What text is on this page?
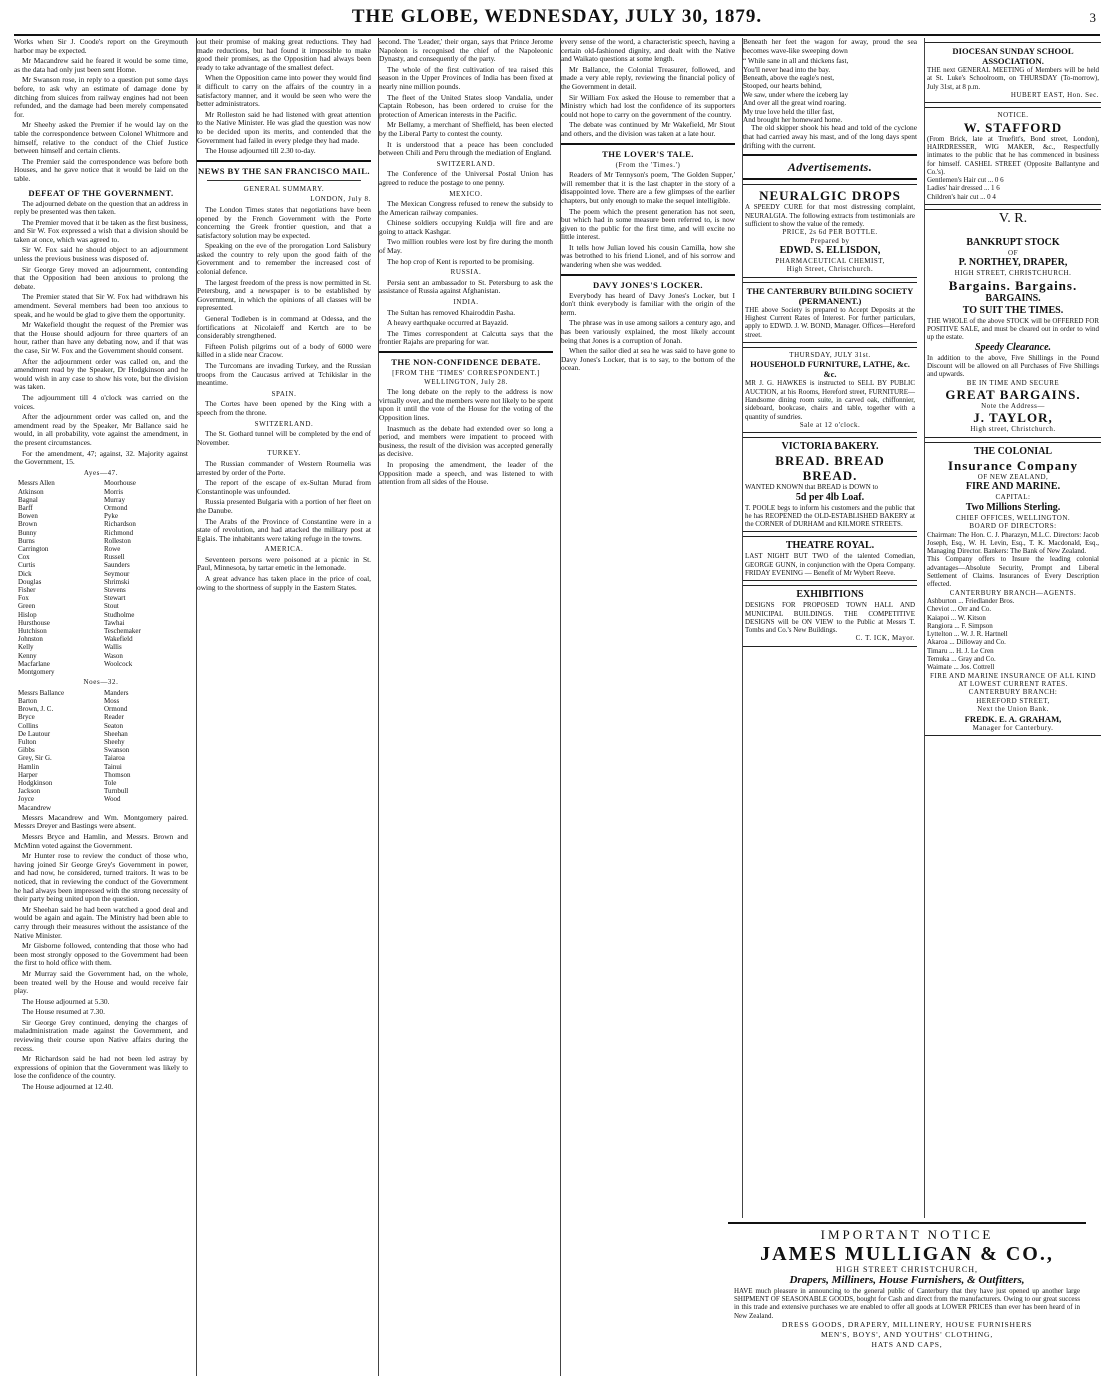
THE GLOBE, WEDNESDAY, JULY 30, 1879.	3

Works when Sir J. Coode's report on the Greymouth harbor may be expected.

Mr Macandrew said he feared it would be some time, as the data had only just been sent Home.

Mr Swanson rose, in reply to a question put some days before, to ask why an estimate of damage done by ditching from sluices from railway engines had not been refunded, and the damage had been merely compensated for.

Mr Sheehy asked the Premier if he would lay on the table the correspondence between Colonel Whitmore and himself, relative to the conduct of the Chief Justice between himself and certain clients.

The Premier said the correspondence was before both Houses, and he gave notice that it would be laid on the table.

DEFEAT OF THE GOVERNMENT.

The adjourned debate on the question that an address in reply be presented was then taken.

The Premier moved that it be taken as the first business, and Sir W. Fox expressed a wish that a division should be taken at once, which was agreed to.

Sir W. Fox said he should object to an adjournment unless the previous business was disposed of.

Sir George Grey moved an adjournment, contending that the Opposition had been anxious to prolong the debate.

The Premier stated that Sir W. Fox had withdrawn his amendment. Several members had been too anxious to speak, and he would be glad to give them the opportunity.

Mr Wakefield thought the request of the Premier was that the House should adjourn for three quarters of an hour, rather than have any debating now, and if that was the case, Sir W. Fox and the Government should consent.

After the adjournment order was called on, and the amendment read by the Speaker, Dr Hodgkinson and he would wish in any case to show his vote, but the division was taken.

The adjournment till 4 o'clock was carried on the voices.

After the adjournment order was called on, and the amendment read by the Speaker, Mr Ballance said he would, in all probability, vote against the amendment, in the present circumstances.

For the amendment, 47; against, 32. Majority against the Government, 15.

Ayes—47.
Messrs Allen
Atkinson
Bagnal
Barff
Bowen
Brown
Bunny
Burns
Carrington
Cox
Curtis
Dick
Douglas
Fisher
Fox
Green
Hislop
Hursthouse
Hutchison
Johnston
Kelly
Kenny
Macfarlane
Montgomery
Moorhouse
Morris
Murray
Ormond
Pyke
Richardson
Richmond
Rolleston
Rowe
Russell
Saunders
Seymour
Shrimski
Stevens
Stewart
Stout
Studholme
Tawhai
Teschemaker
Wakefield
Wallis
Wason
Woolcock
Noes—32.
Messrs Ballance
Barton
Brown, J. C.
Bryce
Collins
De Lautour
Fulton
Gibbs
Grey, Sir G.
Hamlin
Harper
Hodgkinson
Jackson
Joyce
Macandrew
Manders
Moss
Ormond
Reader
Seaton
Sheehan
Sheehy
Swanson
Taiaroa
Tainui
Thomson
Tole
Turnbull
Wood

Messrs Macandrew and Wm. Montgomery paired. Messrs Dreyer and Bastings were absent.

Messrs Bryce and Hamlin, and Messrs. Brown and McMinn voted against the Government.

Mr Hunter rose to review the conduct of those who, having joined Sir George Grey's Government in power, and had now, he considered, turned traitors. It was to be noticed, that in reviewing the conduct of the Government he had always been impressed with the strong necessity of their party being united upon the question.

Mr Sheehan said he had been watched a good deal and would be again and again. The Ministry had been able to carry through their measures without the assistance of the Native Minister.

Mr Gisborne followed, contending that those who had been most strongly opposed to the Government had been the first to hold office with them.

Mr Murray said the Government had, on the whole, been treated well by the House and would receive fair play.

The House adjourned at 5.30.

The House resumed at 7.30.

Sir George Grey continued, denying the charges of maladministration made against the Government, and reviewing their course upon Native affairs during the recess.

Mr Richardson said he had not been led astray by expressions of opinion that the Government was likely to lose the confidence of the country.

The House adjourned at 12.40.

out their promise of making great reductions. They had made reductions, but had found it impossible to make good their promises, as the Opposition had always been ready to take advantage of the smallest defect.

When the Opposition came into power they would find it difficult to carry on the affairs of the country in a satisfactory manner, and it would be seen who were the better administrators.

Mr Rolleston said he had listened with great attention to the Native Minister. He was glad the question was now to be decided upon its merits, and contended that the Government had failed in every pledge they had made.

The House adjourned till 2.30 to-day.

NEWS BY THE SAN FRANCISCO MAIL.
GENERAL SUMMARY.
LONDON, July 8.

The London Times states that negotiations have been opened by the French Government with the Porte concerning the Greek frontier question, and that a satisfactory solution may be expected.

Speaking on the eve of the prorogation Lord Salisbury asked the country to rely upon the good faith of the Government and to remember the increased cost of colonial defence.

The largest freedom of the press is now permitted in St. Petersburg, and a newspaper is to be established by Government, in which the opinions of all classes will be represented.

General Todleben is in command at Odessa, and the fortifications at Nicolaieff and Kertch are to be considerably strengthened.

Fifteen Polish pilgrims out of a body of 6000 were killed in a slide near Cracow.

The Turcomans are invading Turkey, and the Russian troops from the Caucasus arrived at Tchikislar in the meantime.

SPAIN.

The Cortes have been opened by the King with a speech from the throne.

SWITZERLAND.

The St. Gothard tunnel will be completed by the end of November.

TURKEY.

The Russian commander of Western Roumelia was arrested by order of the Porte.

The report of the escape of ex-Sultan Murad from Constantinople was unfounded.

Russia presented Bulgaria with a portion of her fleet on the Danube.

The Arabs of the Province of Constantine were in a state of revolution, and had attacked the military post at Eglais. The inhabitants were taking refuge in the towns.

AMERICA.

Seventeen persons were poisoned at a picnic in St. Paul, Minnesota, by tartar emetic in the lemonade.

A great advance has taken place in the price of coal, owing to the shortness of supply in the Eastern States.

second. The 'Leader,' their organ, says that Prince Jerome Napoleon is recognised the chief of the Napoleonic Dynasty, and consequently of the party.

The whole of the first cultivation of tea raised this season in the Upper Provinces of India has been fixed at nearly nine million pounds.

The fleet of the United States sloop Vandalia, under Captain Robeson, has been ordered to cruise for the protection of American interests in the Pacific.

Mr Bellamy, a merchant of Sheffield, has been elected by the Liberal Party to contest the county.

It is understood that a peace has been concluded between Chili and Peru through the mediation of England.

SWITZERLAND.

The Conference of the Universal Postal Union has agreed to reduce the postage to one penny.

MEXICO.

The Mexican Congress refused to renew the subsidy to the American railway companies.

Chinese soldiers occupying Kuldja will fire and are going to attack Kashgar.

Two million roubles were lost by fire during the month of May.

The hop crop of Kent is reported to be promising.

RUSSIA.

Persia sent an ambassador to St. Petersburg to ask the assistance of Russia against Afghanistan.

INDIA.

The Sultan has removed Khairoddin Pasha.

A heavy earthquake occurred at Bayazid.

The Times correspondent at Calcutta says that the frontier Rajahs are preparing for war.

THE NON-CONFIDENCE DEBATE.
[FROM THE 'TIMES' CORRESPONDENT.] WELLINGTON, July 28.

The long debate on the reply to the address is now virtually over, and the members were not likely to be spent upon it until the vote of the House for the voting of the Opposition lines.

Inasmuch as the debate had extended over so long a period, and members were impatient to proceed with business, the result of the division was accepted generally as decisive.

In proposing the amendment, the leader of the Opposition made a speech, and was listened to with attention from all sides of the House.

every sense of the word, a characteristic speech, having a certain old-fashioned dignity, and dealt with the Native and Waikato questions at some length.

Mr Ballance, the Colonial Treasurer, followed, and made a very able reply, reviewing the financial policy of the Government in detail.

Sir William Fox asked the House to remember that a Ministry which had lost the confidence of its supporters could not hope to carry on the government of the country.

The debate was continued by Mr Wakefield, Mr Stout and others, and the division was taken at a late hour.

THE LOVER'S TALE.
(From the 'Times.')

Readers of Mr Tennyson's poem, 'The Golden Supper,' will remember that it is the last chapter in the story of a disappointed love. There are a few glimpses of the earlier chapters, but only enough to make the sequel intelligible.

The poem which the present generation has not seen, but which had in some measure been referred to, is now given to the public for the first time, and will excite no little interest.

It tells how Julian loved his cousin Camilla, how she was betrothed to his friend Lionel, and of his sorrow and wandering when she was wedded.

DAVY JONES'S LOCKER.

Everybody has heard of Davy Jones's Locker, but I don't think everybody is familiar with the origin of the term.

The phrase was in use among sailors a century ago, and has been variously explained, the most likely account being that Jones is a corruption of Jonah.

When the sailor died at sea he was said to have gone to Davy Jones's Locker, that is to say, to the bottom of the ocean.

Beneath her feet the wagon for away, proud the sea becomes wave-like sweeping down

“ While sane in all and thickens fast,
You'll never head into the bay.
Beneath, above the eagle's nest,
Stooped, our hearts behind,
We saw, under where the iceberg lay
And over all the great wind roaring.
My true love held the tiller fast,
And brought her homeward home.

The old skipper shook his head and told of the cyclone that had carried away his mast, and of the long days spent drifting with the current.

Advertisements.
NEURALGIC DROPS
A SPEEDY CURE for that most distressing complaint, NEURALGIA. The following extracts from testimonials are sufficient to show the value of the remedy.
PRICE, 2s 6d PER BOTTLE.
Prepared by
EDWD. S. ELLISDON,
PHARMACEUTICAL CHEMIST,
High Street, Christchurch.
THE CANTERBURY BUILDING SOCIETY (PERMANENT.)
THE above Society is prepared to Accept Deposits at the Highest Current Rates of Interest. For further particulars, apply to EDWD. J. W. BOND, Manager. Offices—Hereford street.
THURSDAY, JULY 31st.
HOUSEHOLD FURNITURE, LATHE, &c. &c.
MR J. G. HAWKES is instructed to SELL BY PUBLIC AUCTION, at his Rooms, Hereford street, FURNITURE—Handsome dining room suite, in carved oak, chiffonnier, sideboard, bookcase, chairs and table, together with a quantity of sundries.
Sale at 12 o'clock.
VICTORIA BAKERY.
BREAD. BREAD
BREAD.
WANTED KNOWN that BREAD is DOWN to
5d per 4lb Loaf.
T. POOLE begs to inform his customers and the public that he has REOPENED the OLD-ESTABLISHED BAKERY at the CORNER of DURHAM and KILMORE STREETS.
THEATRE ROYAL.
LAST NIGHT BUT TWO of the talented Comedian, GEORGE GUNN, in conjunction with the Opera Company. FRIDAY EVENING — Benefit of Mr Wybert Reeve.
EXHIBITIONS
DESIGNS FOR PROPOSED TOWN HALL AND MUNICIPAL BUILDINGS. THE COMPETITIVE DESIGNS will be ON VIEW to the Public at Messrs T. Tombs and Co.'s New Buildings.
C. T. ICK, Mayor.
DIOCESAN SUNDAY SCHOOL ASSOCIATION.
THE next GENERAL MEETING of Members will be held at St. Luke's Schoolroom, on THURSDAY (To-morrow), July 31st, at 8 p.m.
HUBERT EAST, Hon. Sec.
NOTICE.
W. STAFFORD
(From Brick, late at Truefitt's, Bond street, London), HAIRDRESSER, WIG MAKER, &c., Respectfully intimates to the public that he has commenced in business for himself. CASHEL STREET (Opposite Ballantyne and Co.'s).
Gentlemen's Hair cut ... 0 6
Ladies' hair dressed ... 1 6
Children's hair cut ... 0 4
V. R.
BANKRUPT STOCK
OF
P. NORTHEY, DRAPER,
HIGH STREET, CHRISTCHURCH.
Bargains. Bargains.
BARGAINS.
TO SUIT THE TIMES.
THE WHOLE of the above STOCK will be OFFERED FOR POSITIVE SALE, and must be cleared out in order to wind up the estate.
Speedy Clearance.
In addition to the above, Five Shillings in the Pound Discount will be allowed on all Purchases of Five Shillings and upwards.
BE IN TIME AND SECURE
GREAT BARGAINS.
Note the Address—
J. TAYLOR,
High street, Christchurch.
THE COLONIAL
Insurance Company
OF NEW ZEALAND,
FIRE AND MARINE.
CAPITAL:
Two Millions Sterling.
CHIEF OFFICES, WELLINGTON.
BOARD OF DIRECTORS:
Chairman: The Hon. C. J. Pharazyn, M.L.C. Directors: Jacob Joseph, Esq., W. H. Levin, Esq., T. K. Macdonald, Esq., Managing Director. Bankers: The Bank of New Zealand.
This Company offers to Insure the leading colonial advantages—Absolute Security, Prompt and Liberal Settlement of Claims. Insurances of Every Description effected.
CANTERBURY BRANCH—AGENTS.
Ashburton ... Friedlander Bros.
Cheviot ... Orr and Co.
Kaiapoi ... W. Kitson
Rangiora ... F. Simpson
Lyttelton ... W. J. R. Hartnell
Akaroa ... Dilloway and Co.
Timaru ... H. J. Le Cren
Temuka ... Gray and Co.
Waimate ... Jos. Cottrell
FIRE AND MARINE INSURANCE OF ALL KIND AT LOWEST CURRENT RATES.
CANTERBURY BRANCH:
HEREFORD STREET,
Next the Union Bank.
FREDK. E. A. GRAHAM,
Manager for Canterbury.
IMPORTANT NOTICE
JAMES MULLIGAN & CO.,
HIGH STREET CHRISTCHURCH,
Drapers, Milliners, House Furnishers, & Outfitters,
HAVE much pleasure in announcing to the general public of Canterbury that they have just opened up another large SHIPMENT OF SEASONABLE GOODS, bought for Cash and direct from the manufacturers. Owing to our great success in this trade and extensive purchases we are enabled to offer all goods at LOWER PRICES than ever has been heard of in New Zealand.
DRESS GOODS, DRAPERY, MILLINERY, HOUSE FURNISHERS
MEN'S, BOYS', AND YOUTHS' CLOTHING,
HATS AND CAPS,
